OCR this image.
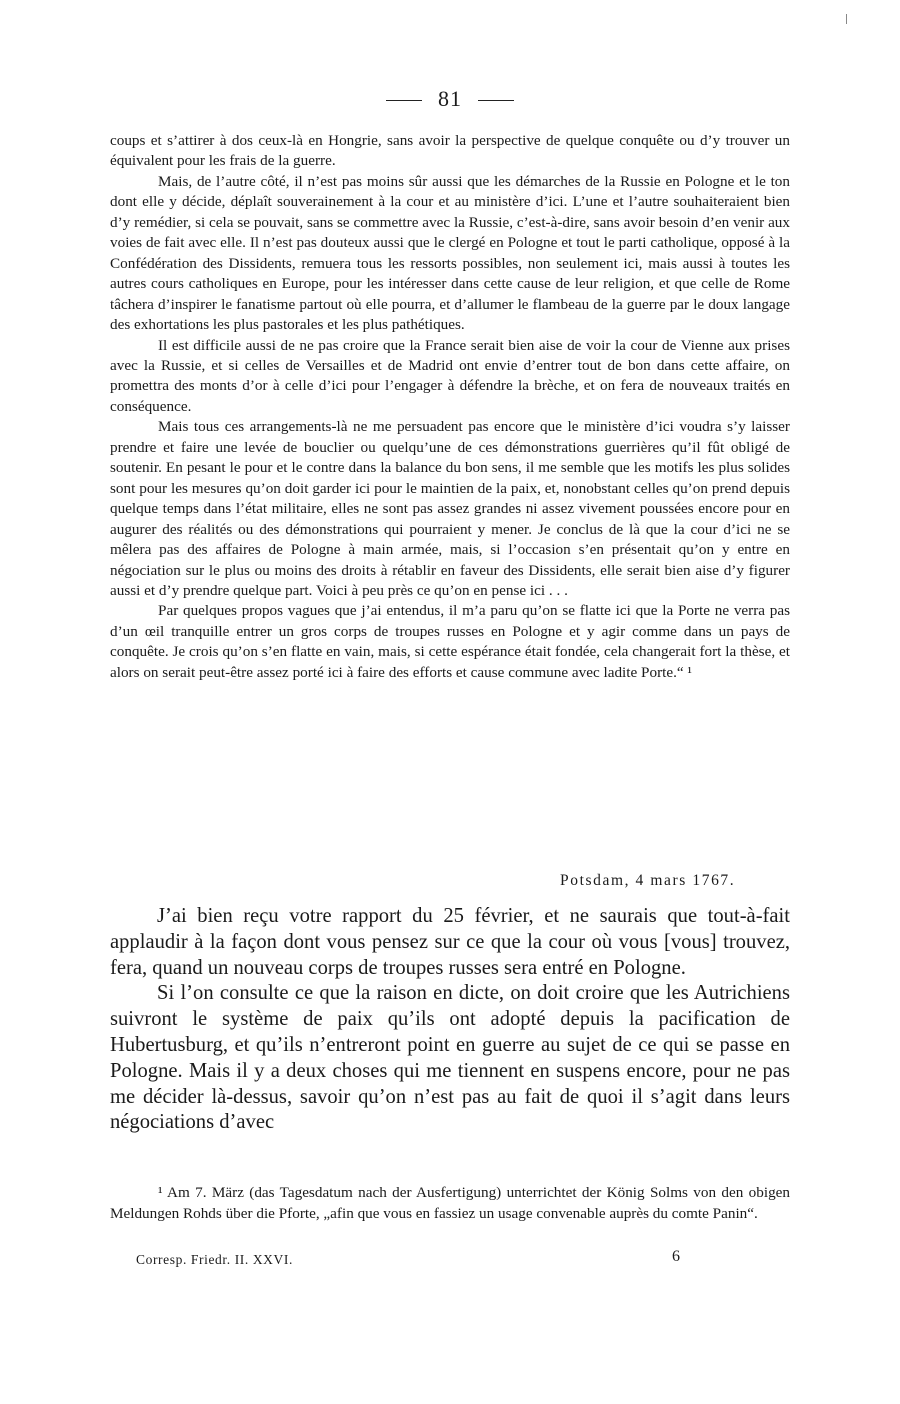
81

coups et s’attirer à dos ceux-là en Hongrie, sans avoir la perspective de quelque conquête ou d’y trouver un équivalent pour les frais de la guerre.

Mais, de l’autre côté, il n’est pas moins sûr aussi que les démarches de la Russie en Pologne et le ton dont elle y décide, déplaît souverainement à la cour et au ministère d’ici. L’une et l’autre souhaiteraient bien d’y remédier, si cela se pouvait, sans se commettre avec la Russie, c’est-à-dire, sans avoir besoin d’en venir aux voies de fait avec elle. Il n’est pas douteux aussi que le clergé en Pologne et tout le parti catholique, opposé à la Confédération des Dissidents, remuera tous les ressorts possibles, non seulement ici, mais aussi à toutes les autres cours catholiques en Europe, pour les intéresser dans cette cause de leur religion, et que celle de Rome tâchera d’inspirer le fanatisme partout où elle pourra, et d’allumer le flambeau de la guerre par le doux langage des exhortations les plus pastorales et les plus pathétiques.

Il est difficile aussi de ne pas croire que la France serait bien aise de voir la cour de Vienne aux prises avec la Russie, et si celles de Versailles et de Madrid ont envie d’entrer tout de bon dans cette affaire, on promettra des monts d’or à celle d’ici pour l’engager à défendre la brèche, et on fera de nouveaux traités en conséquence.

Mais tous ces arrangements-là ne me persuadent pas encore que le ministère d’ici voudra s’y laisser prendre et faire une levée de bouclier ou quelqu’une de ces démonstrations guerrières qu’il fût obligé de soutenir. En pesant le pour et le contre dans la balance du bon sens, il me semble que les motifs les plus solides sont pour les mesures qu’on doit garder ici pour le maintien de la paix, et, nonobstant celles qu’on prend depuis quelque temps dans l’état militaire, elles ne sont pas assez grandes ni assez vivement poussées encore pour en augurer des réalités ou des démonstrations qui pourraient y mener. Je conclus de là que la cour d’ici ne se mêlera pas des affaires de Pologne à main armée, mais, si l’occasion s’en présentait qu’on y entre en négociation sur le plus ou moins des droits à rétablir en faveur des Dissidents, elle serait bien aise d’y figurer aussi et d’y prendre quelque part. Voici à peu près ce qu’on en pense ici . . .

Par quelques propos vagues que j’ai entendus, il m’a paru qu’on se flatte ici que la Porte ne verra pas d’un œil tranquille entrer un gros corps de troupes russes en Pologne et y agir comme dans un pays de conquête. Je crois qu’on s’en flatte en vain, mais, si cette espérance était fondée, cela changerait fort la thèse, et alors on serait peut-être assez porté ici à faire des efforts et cause commune avec ladite Porte.“ ¹

Potsdam, 4 mars 1767.

J’ai bien reçu votre rapport du 25 février, et ne saurais que tout-à-fait applaudir à la façon dont vous pensez sur ce que la cour où vous [vous] trouvez, fera, quand un nouveau corps de troupes russes sera entré en Pologne.

Si l’on consulte ce que la raison en dicte, on doit croire que les Autrichiens suivront le système de paix qu’ils ont adopté depuis la pacification de Hubertusburg, et qu’ils n’entreront point en guerre au sujet de ce qui se passe en Pologne. Mais il y a deux choses qui me tiennent en suspens encore, pour ne pas me décider là-dessus, savoir qu’on n’est pas au fait de quoi il s’agit dans leurs négociations d’avec

¹ Am 7. März (das Tagesdatum nach der Ausfertigung) unterrichtet der König Solms von den obigen Meldungen Rohds über die Pforte, „afin que vous en fassiez un usage convenable auprès du comte Panin“.

Corresp. Friedr. II. XXVI.	6
